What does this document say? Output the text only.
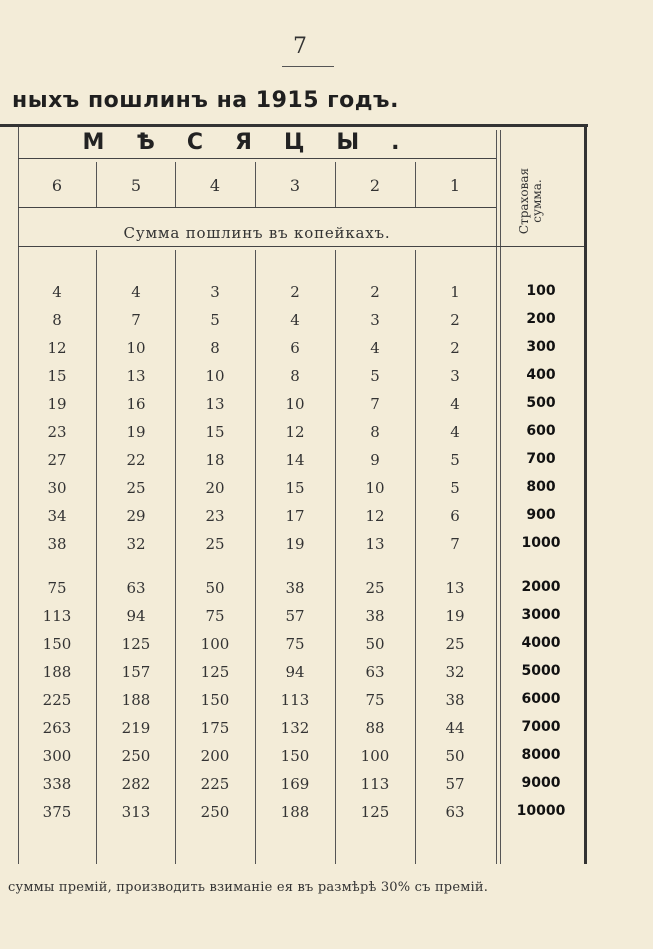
7
ныхъ пошлинъ на 1915 годъ.
МѢСЯЦЫ.
6	5	4	3	2	1	Страховая
сумма.
Сумма пошлинъ въ копейкахъ.
4	4	3	2	2	1	100
8	7	5	4	3	2	200
12	10	8	6	4	2	300
15	13	10	8	5	3	400
19	16	13	10	7	4	500
23	19	15	12	8	4	600
27	22	18	14	9	5	700
30	25	20	15	10	5	800
34	29	23	17	12	6	900
38	32	25	19	13	7	1000
75	63	50	38	25	13	2000
113	94	75	57	38	19	3000
150	125	100	75	50	25	4000
188	157	125	94	63	32	5000
225	188	150	113	75	38	6000
263	219	175	132	88	44	7000
300	250	200	150	100	50	8000
338	282	225	169	113	57	9000
375	313	250	188	125	63	10000
суммы премій, производить взиманіе ея въ размѣрѣ 30% съ премій.
